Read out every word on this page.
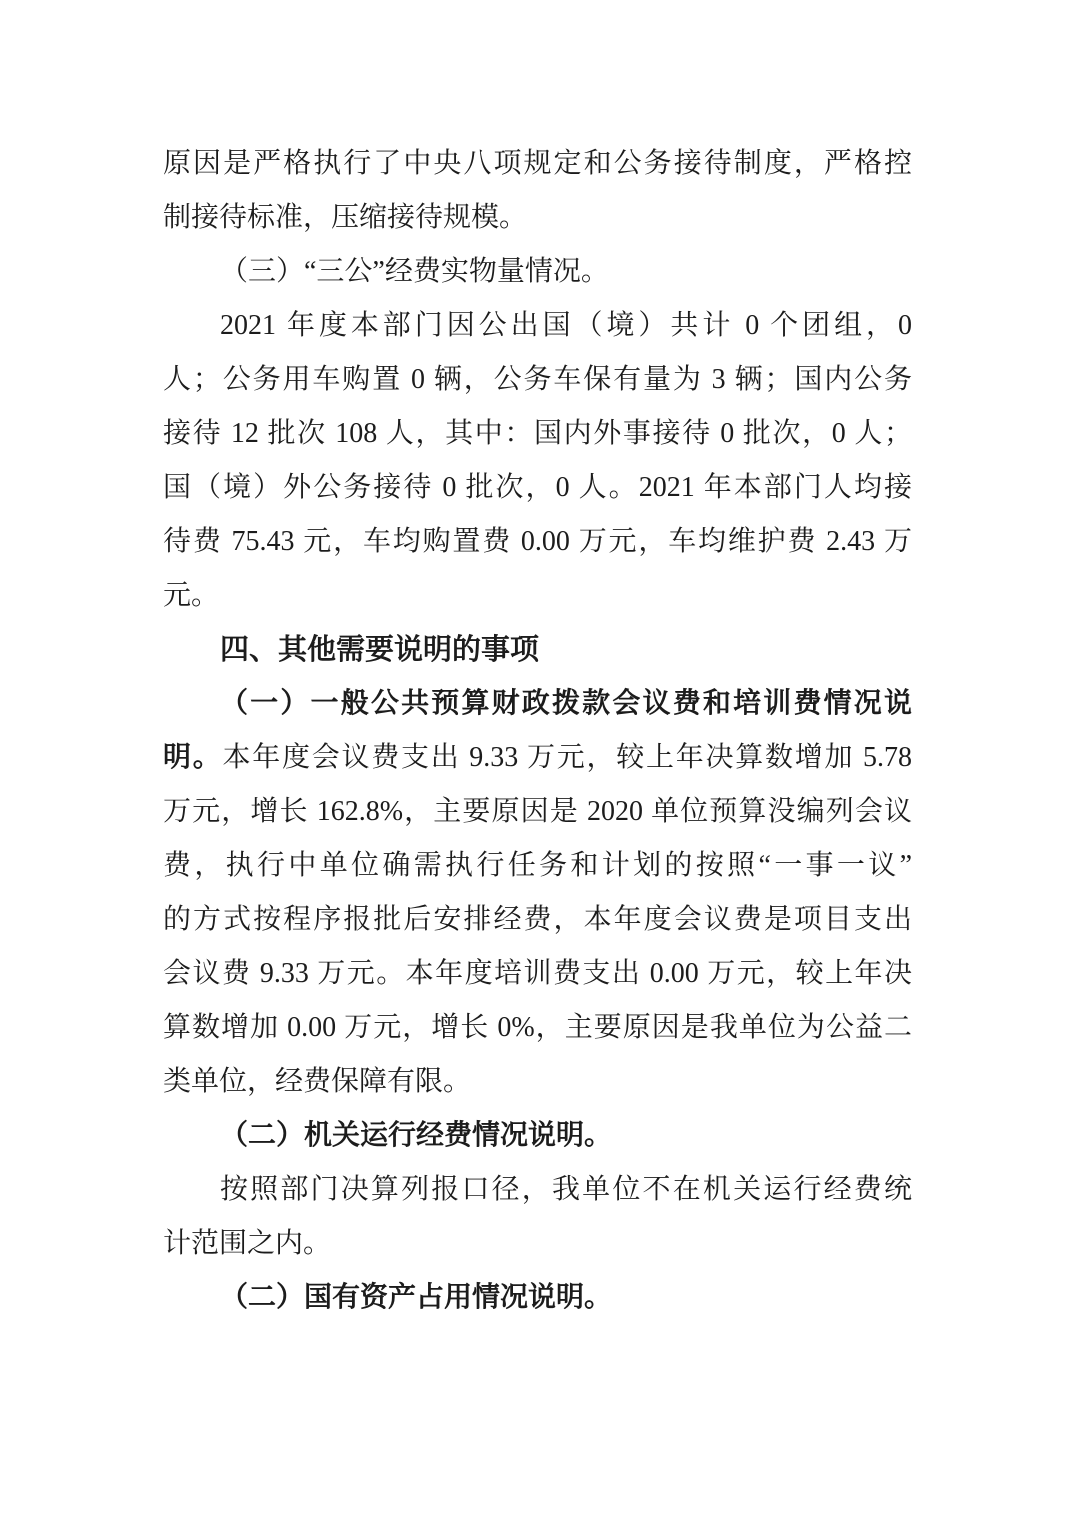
原因是严格执行了中央八项规定和公务接待制度，严格控
制接待标准，压缩接待规模。
（三）“三公”经费实物量情况。
2021 年度本部门因公出国（境）共计 0 个团组，0
人；公务用车购置 0 辆，公务车保有量为 3 辆；国内公务
接待 12 批次 108 人，其中：国内外事接待 0 批次，0 人；
国（境）外公务接待 0 批次，0 人。2021 年本部门人均接
待费 75.43 元，车均购置费 0.00 万元，车均维护费 2.43 万
元。
四、其他需要说明的事项
（一）一般公共预算财政拨款会议费和培训费情况说
明。本年度会议费支出 9.33 万元，较上年决算数增加 5.78
万元，增长 162.8%，主要原因是 2020 单位预算没编列会议
费，执行中单位确需执行任务和计划的按照“一事一议”
的方式按程序报批后安排经费，本年度会议费是项目支出
会议费 9.33 万元。本年度培训费支出 0.00 万元，较上年决
算数增加 0.00 万元，增长 0%，主要原因是我单位为公益二
类单位，经费保障有限。
（二）机关运行经费情况说明。
按照部门决算列报口径，我单位不在机关运行经费统
计范围之内。
（二）国有资产占用情况说明。
